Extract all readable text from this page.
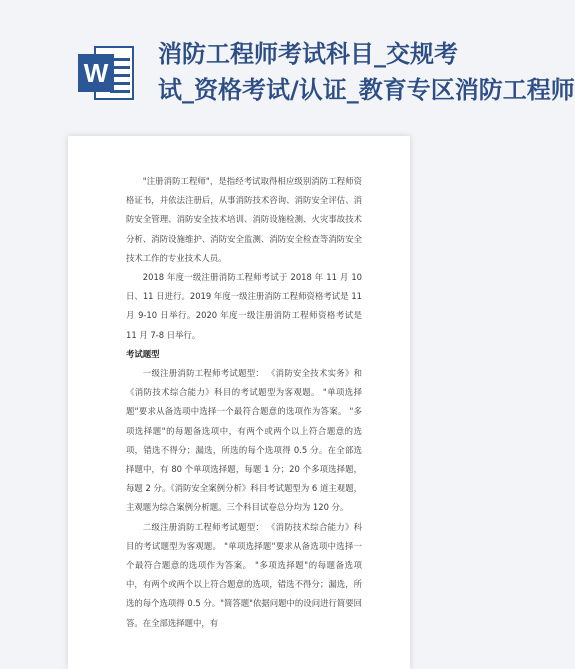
W
消防工程师考试科目_交规考
试_资格考试/认证_教育专区消防工程师

"注册消防工程师"，是指经考试取得相应级别消防工程师资格证书，并依法注册后，从事消防技术咨询、消防安全评估、消防安全管理、消防安全技术培训、消防设施检测、火灾事故技术分析、消防设施维护、消防安全监测、消防安全检查等消防安全技术工作的专业技术人员。

2018 年度一级注册消防工程师考试于 2018 年 11 月 10 日、11 日进行。2019 年度一级注册消防工程师资格考试是 11 月 9-10 日举行。2020 年度一级注册消防工程师资格考试是 11 月 7-8 日举行。

考试题型

一级注册消防工程师考试题型： 《消防安全技术实务》和《消防技术综合能力》科目的考试题型为客观题。 "单项选择题"要求从备选项中选择一个最符合题意的选项作为答案。 "多项选择题"的每题备选项中，有两个或两个以上符合题意的选项，错选不得分；漏选，所选的每个选项得 0.5 分。在全部选择题中，有 80 个单项选择题，每题 1 分；20 个多项选择题，每题 2 分。《消防安全案例分析》科目考试题型为 6 道主观题，主观题为综合案例分析题。三个科目试卷总分均为 120 分。

二级注册消防工程师考试题型： 《消防技术综合能力》科目的考试题型为客观题。 "单项选择题"要求从备选项中选择一个最符合题意的选项作为答案。 "多项选择题"的每题备选项中，有两个或两个以上符合题意的选项，错选不得分；漏选，所选的每个选项得 0.5 分。"简答题"依据问题中的设问进行简要回答。在全部选择题中，有
